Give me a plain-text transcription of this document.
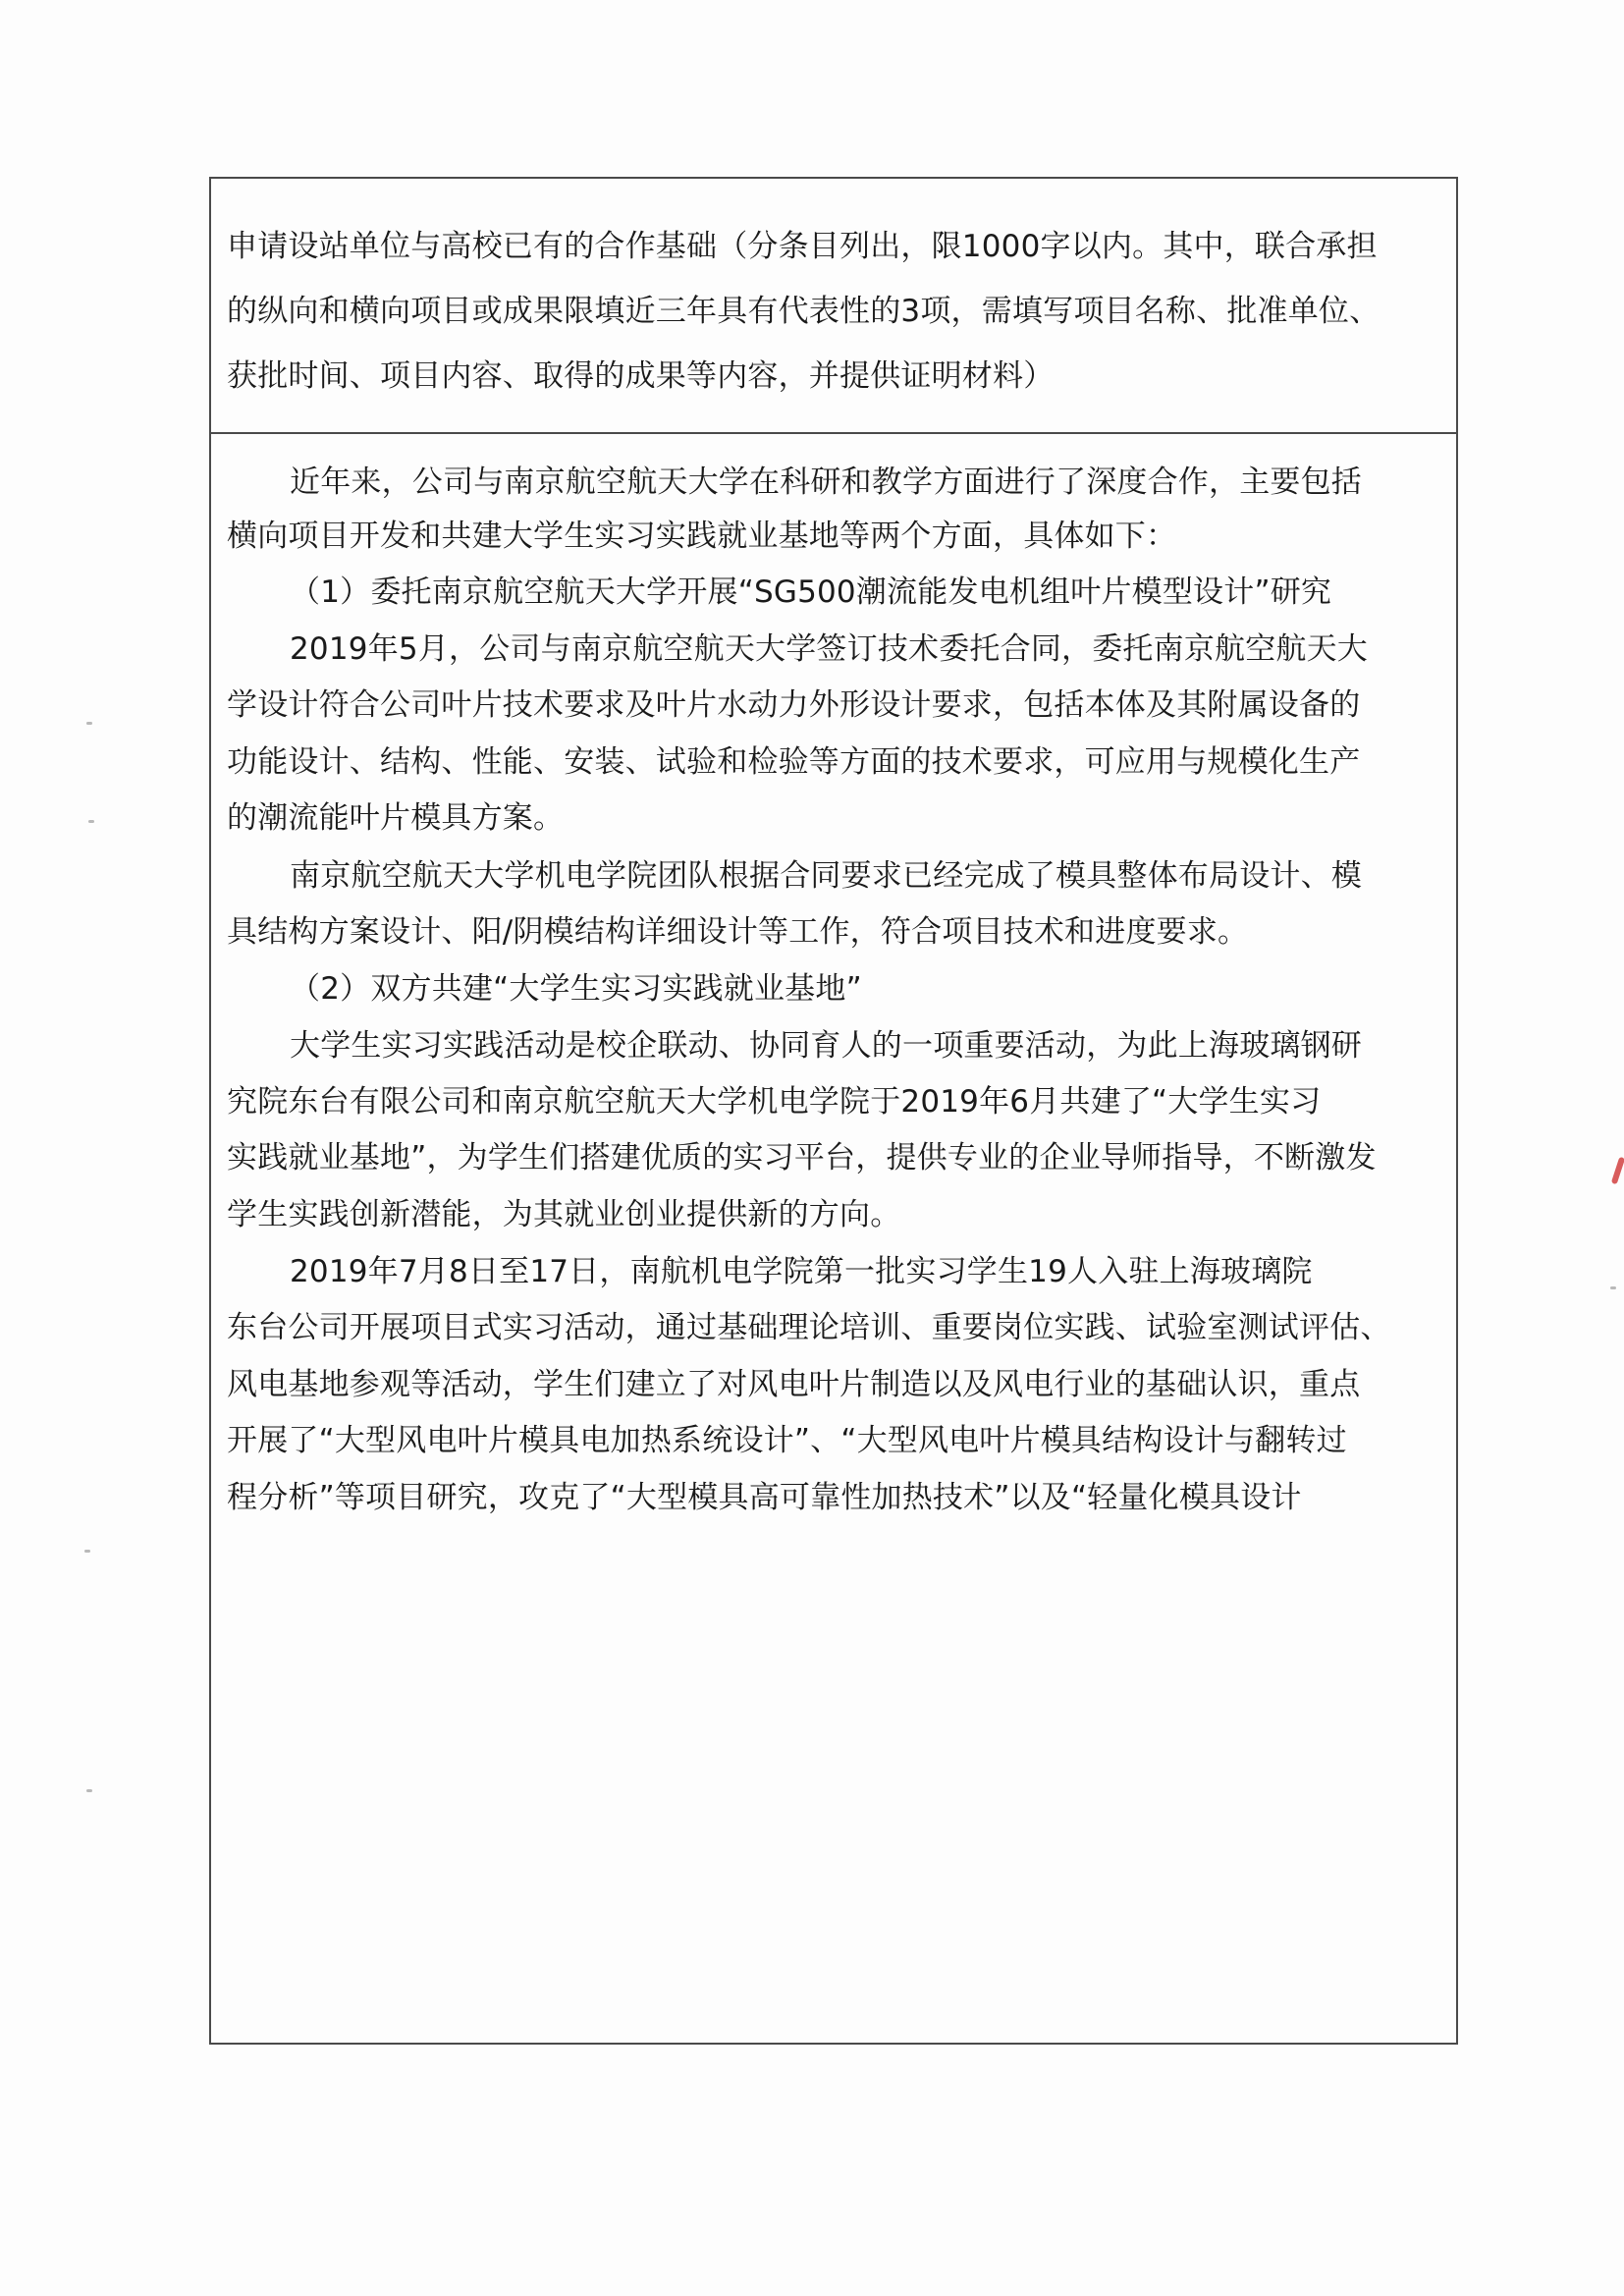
申请设站单位与高校已有的合作基础（分条目列出，限1000字以内。其中，联合承担
的纵向和横向项目或成果限填近三年具有代表性的3项，需填写项目名称、批准单位、
获批时间、项目内容、取得的成果等内容，并提供证明材料）
近年来，公司与南京航空航天大学在科研和教学方面进行了深度合作，主要包括
横向项目开发和共建大学生实习实践就业基地等两个方面，具体如下：
（1）委托南京航空航天大学开展“SG500潮流能发电机组叶片模型设计”研究
2019年5月，公司与南京航空航天大学签订技术委托合同，委托南京航空航天大
学设计符合公司叶片技术要求及叶片水动力外形设计要求，包括本体及其附属设备的
功能设计、结构、性能、安装、试验和检验等方面的技术要求，可应用与规模化生产
的潮流能叶片模具方案。
南京航空航天大学机电学院团队根据合同要求已经完成了模具整体布局设计、模
具结构方案设计、阳/阴模结构详细设计等工作，符合项目技术和进度要求。
（2）双方共建“大学生实习实践就业基地”
大学生实习实践活动是校企联动、协同育人的一项重要活动，为此上海玻璃钢研
究院东台有限公司和南京航空航天大学机电学院于2019年6月共建了“大学生实习
实践就业基地”，为学生们搭建优质的实习平台，提供专业的企业导师指导，不断激发
学生实践创新潜能，为其就业创业提供新的方向。
2019年7月8日至17日，南航机电学院第一批实习学生19人入驻上海玻璃院
东台公司开展项目式实习活动，通过基础理论培训、重要岗位实践、试验室测试评估、
风电基地参观等活动，学生们建立了对风电叶片制造以及风电行业的基础认识，重点
开展了“大型风电叶片模具电加热系统设计”、“大型风电叶片模具结构设计与翻转过
程分析”等项目研究，攻克了“大型模具高可靠性加热技术”以及“轻量化模具设计
